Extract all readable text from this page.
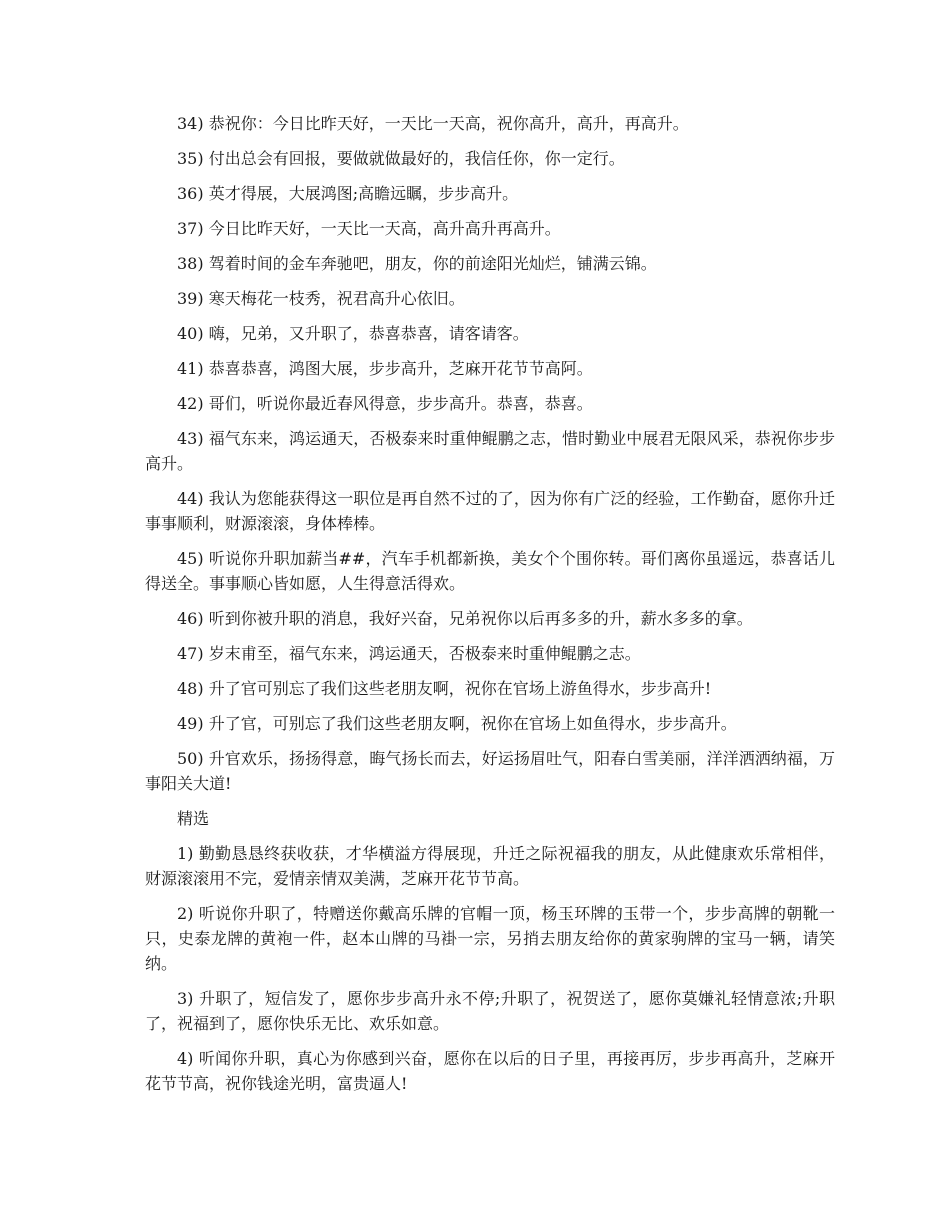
34) 恭祝你：今日比昨天好，一天比一天高，祝你高升，高升，再高升。

35) 付出总会有回报，要做就做最好的，我信任你，你一定行。

36) 英才得展，大展鸿图;高瞻远瞩，步步高升。

37) 今日比昨天好，一天比一天高，高升高升再高升。

38) 驾着时间的金车奔驰吧，朋友，你的前途阳光灿烂，铺满云锦。

39) 寒天梅花一枝秀，祝君高升心依旧。

40) 嗨，兄弟，又升职了，恭喜恭喜，请客请客。

41) 恭喜恭喜，鸿图大展，步步高升，芝麻开花节节高阿。

42) 哥们，听说你最近春风得意，步步高升。恭喜，恭喜。

43) 福气东来，鸿运通天，否极泰来时重伸鲲鹏之志，惜时勤业中展君无限风采，恭祝你步步高升。

44) 我认为您能获得这一职位是再自然不过的了，因为你有广泛的经验，工作勤奋，愿你升迁事事顺利，财源滚滚，身体棒棒。

45) 听说你升职加薪当##，汽车手机都新换，美女个个围你转。哥们离你虽遥远，恭喜话儿得送全。事事顺心皆如愿，人生得意活得欢。

46) 听到你被升职的消息，我好兴奋，兄弟祝你以后再多多的升，薪水多多的拿。

47) 岁末甫至，福气东来，鸿运通天，否极泰来时重伸鲲鹏之志。

48) 升了官可别忘了我们这些老朋友啊，祝你在官场上游鱼得水，步步高升!

49) 升了官，可别忘了我们这些老朋友啊，祝你在官场上如鱼得水，步步高升。

50) 升官欢乐，扬扬得意，晦气扬长而去，好运扬眉吐气，阳春白雪美丽，洋洋洒洒纳福，万事阳关大道!

精选

1) 勤勤恳恳终获收获，才华横溢方得展现，升迁之际祝福我的朋友，从此健康欢乐常相伴，财源滚滚用不完，爱情亲情双美满，芝麻开花节节高。

2) 听说你升职了，特赠送你戴高乐牌的官帽一顶，杨玉环牌的玉带一个，步步高牌的朝靴一只，史泰龙牌的黄袍一件，赵本山牌的马褂一宗，另捎去朋友给你的黄家驹牌的宝马一辆，请笑纳。

3) 升职了，短信发了，愿你步步高升永不停;升职了，祝贺送了，愿你莫嫌礼轻情意浓;升职了，祝福到了，愿你快乐无比、欢乐如意。

4) 听闻你升职，真心为你感到兴奋，愿你在以后的日子里，再接再厉，步步再高升，芝麻开花节节高，祝你钱途光明，富贵逼人!
